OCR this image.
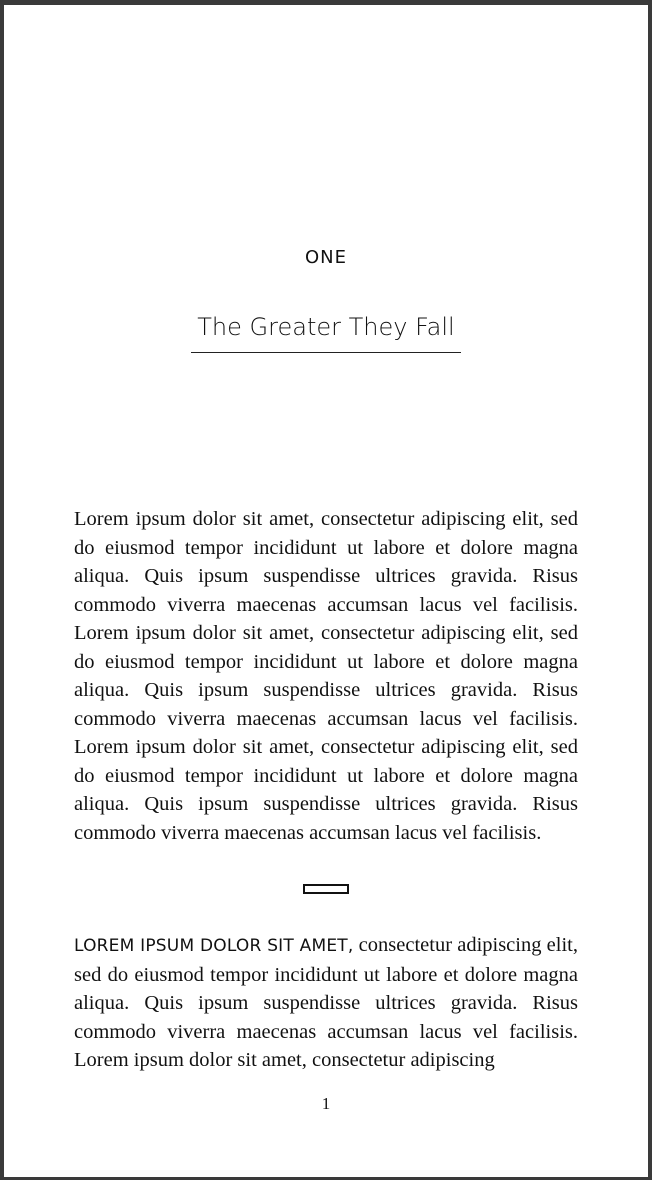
ONE
The Greater They Fall

Lorem ipsum dolor sit amet, consectetur adipiscing elit, sed do eiusmod tempor incididunt ut labore et dolore magna aliqua. Quis ipsum suspendisse ultrices gravida. Risus commodo viverra maecenas accumsan lacus vel facilisis. Lorem ipsum dolor sit amet, consectetur adipiscing elit, sed do eiusmod tempor incididunt ut labore et dolore magna aliqua. Quis ipsum suspendisse ultrices gravida. Risus commodo viverra maecenas accumsan lacus vel facilisis. Lorem ipsum dolor sit amet, consectetur adipiscing elit, sed do eiusmod tempor incididunt ut labore et dolore magna aliqua. Quis ipsum suspendisse ultrices gravida. Risus commodo viverra maecenas accumsan lacus vel facilisis.

LOREM IPSUM DOLOR SIT AMET, consectetur adipiscing elit, sed do eiusmod tempor incididunt ut labore et dolore magna aliqua. Quis ipsum suspendisse ultrices gravida. Risus commodo viverra maecenas accumsan lacus vel facilisis. Lorem ipsum dolor sit amet, consectetur adipiscing

1
